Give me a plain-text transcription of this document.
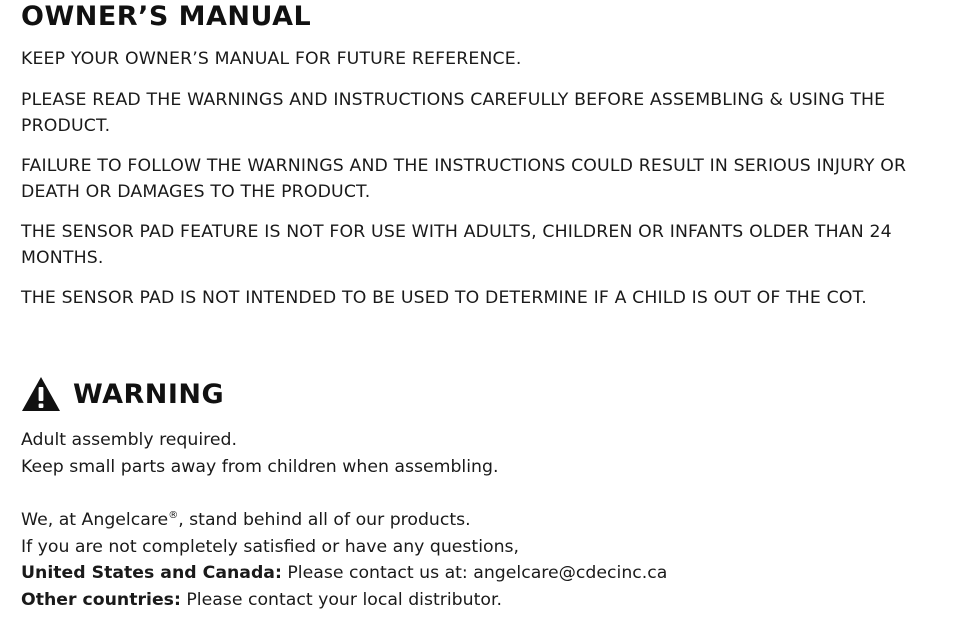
OWNER’S MANUAL

KEEP YOUR OWNER’S MANUAL FOR FUTURE REFERENCE.

PLEASE READ THE WARNINGS AND INSTRUCTIONS CAREFULLY BEFORE ASSEMBLING & USING THE PRODUCT.

FAILURE TO FOLLOW THE WARNINGS AND THE INSTRUCTIONS COULD RESULT IN SERIOUS INJURY OR DEATH OR DAMAGES TO THE PRODUCT.

THE SENSOR PAD FEATURE IS NOT FOR USE WITH ADULTS, CHILDREN OR INFANTS OLDER THAN 24 MONTHS.

THE SENSOR PAD IS NOT INTENDED TO BE USED TO DETERMINE IF A CHILD IS OUT OF THE COT.

WARNING
Adult assembly required.
Keep small parts away from children when assembling.
We, at Angelcare®, stand behind all of our products.
If you are not completely satisfied or have any questions,
United States and Canada: Please contact us at: angelcare@cdecinc.ca
Other countries: Please contact your local distributor.
